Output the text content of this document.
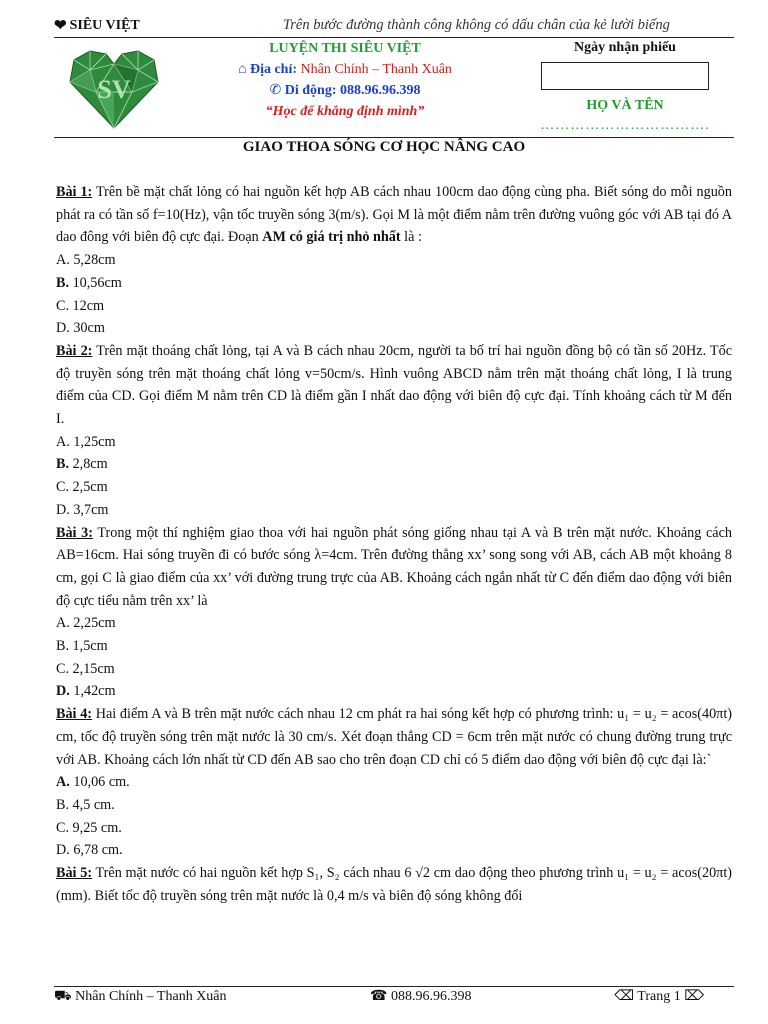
❤ SIÊU VIỆT	Trên bước đường thành công không có dấu chân của kẻ lười biếng
SV
LUYỆN THI SIÊU VIỆT
⌂ Địa chỉ: Nhân Chính – Thanh Xuân
✆ Di động: 088.96.96.398
“Học để khẳng định mình”
Ngày nhận phiếu
HỌ VÀ TÊN
…………………………….
GIAO THOA SÓNG CƠ HỌC NÂNG CAO

Bài 1: Trên bề mặt chất lỏng có hai nguồn kết hợp AB cách nhau 100cm dao động cùng pha. Biết sóng do mỗi nguồn phát ra có tần số f=10(Hz), vận tốc truyền sóng 3(m/s). Gọi M là một điểm nằm trên đường vuông góc với AB tại đó A dao đông với biên độ cực đại. Đoạn AM có giá trị nhỏ nhất là :

A. 5,28cm

B. 10,56cm

C. 12cm

D. 30cm

Bài 2: Trên mặt thoáng chất lỏng, tại A và B cách nhau 20cm, người ta bố trí hai nguồn đồng bộ có tần số 20Hz. Tốc độ truyền sóng trên mặt thoáng chất lỏng v=50cm/s. Hình vuông ABCD nằm trên mặt thoáng chất lỏng, I là trung điểm của CD. Gọi điểm M nằm trên CD là điểm gần I nhất dao động với biên độ cực đại. Tính khoảng cách từ M đến I.

A. 1,25cm

B. 2,8cm

C. 2,5cm

D. 3,7cm

Bài 3: Trong một thí nghiệm giao thoa với hai nguồn phát sóng giống nhau tại A và B trên mặt nước. Khoảng cách AB=16cm. Hai sóng truyền đi có bước sóng λ=4cm. Trên đường thẳng xx’ song song với AB, cách AB một khoảng 8 cm, gọi C là giao điểm của xx’ với đường trung trực của AB. Khoảng cách ngắn nhất từ C đến điểm dao động với biên độ cực tiểu nằm trên xx’ là

A. 2,25cm

B. 1,5cm

C. 2,15cm

D. 1,42cm

Bài 4: Hai điểm A và B trên mặt nước cách nhau 12 cm phát ra hai sóng kết hợp có phương trình: u₁ = u₂ = acos(40πt) cm, tốc độ truyền sóng trên mặt nước là 30 cm/s. Xét đoạn thẳng CD = 6cm trên mặt nước có chung đường trung trực với AB. Khoảng cách lớn nhất từ CD đến AB sao cho trên đoạn CD chỉ có 5 điểm dao động với biên độ cực đại là:`

A. 10,06 cm.

B. 4,5 cm.

C. 9,25 cm.

D. 6,78 cm.

Bài 5: Trên mặt nước có hai nguồn kết hợp S₁, S₂ cách nhau 6 √2 cm dao động theo phương trình u₁ = u₂ = acos(20πt) (mm). Biết tốc độ truyền sóng trên mặt nước là 0,4 m/s và biên độ sóng không đổi

⛟ Nhân Chính – Thanh Xuân	☎ 088.96.96.398	⌫ Trang 1 ⌦
